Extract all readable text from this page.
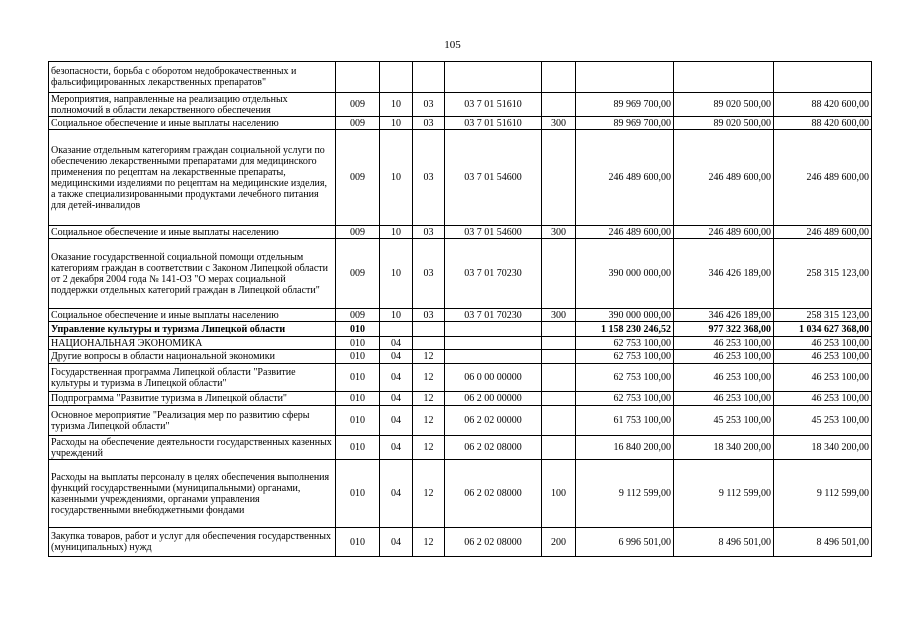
105
безопасности, борьба с оборотом недоброкачественных и фальсифицированных лекарственных препаратов"								
Мероприятия, направленные на реализацию отдельных полномочий в области лекарственного обеспечения	009	10	03	03 7 01 51610		89 969 700,00	89 020 500,00	88 420 600,00
Социальное обеспечение и иные выплаты населению	009	10	03	03 7 01 51610	300	89 969 700,00	89 020 500,00	88 420 600,00
Оказание отдельным категориям граждан социальной услуги по обеспечению лекарственными препаратами для медицинского применения по рецептам на лекарственные препараты, медицинскими изделиями по рецептам на медицинские изделия, а также специализированными продуктами лечебного питания для детей-инвалидов	009	10	03	03 7 01 54600		246 489 600,00	246 489 600,00	246 489 600,00
Социальное обеспечение и иные выплаты населению	009	10	03	03 7 01 54600	300	246 489 600,00	246 489 600,00	246 489 600,00
Оказание государственной социальной помощи отдельным категориям граждан в соответствии с Законом Липецкой области от 2 декабря 2004 года № 141-ОЗ "О мерах социальной поддержки отдельных категорий граждан в Липецкой области"	009	10	03	03 7 01 70230		390 000 000,00	346 426 189,00	258 315 123,00
Социальное обеспечение и иные выплаты населению	009	10	03	03 7 01 70230	300	390 000 000,00	346 426 189,00	258 315 123,00
Управление культуры и туризма Липецкой области	010					1 158 230 246,52	977 322 368,00	1 034 627 368,00
НАЦИОНАЛЬНАЯ ЭКОНОМИКА	010	04				62 753 100,00	46 253 100,00	46 253 100,00
Другие вопросы в области национальной экономики	010	04	12			62 753 100,00	46 253 100,00	46 253 100,00
Государственная программа Липецкой области "Развитие культуры и туризма в Липецкой области"	010	04	12	06 0 00 00000		62 753 100,00	46 253 100,00	46 253 100,00
Подпрограмма "Развитие туризма в Липецкой области"	010	04	12	06 2 00 00000		62 753 100,00	46 253 100,00	46 253 100,00
Основное мероприятие "Реализация мер по развитию сферы туризма Липецкой области"	010	04	12	06 2 02 00000		61 753 100,00	45 253 100,00	45 253 100,00
Расходы на обеспечение деятельности государственных казенных учреждений	010	04	12	06 2 02 08000		16 840 200,00	18 340 200,00	18 340 200,00
Расходы на выплаты персоналу в целях обеспечения выполнения функций государственными (муниципальными) органами, казенными учреждениями, органами управления государственными внебюджетными фондами	010	04	12	06 2 02 08000	100	9 112 599,00	9 112 599,00	9 112 599,00
Закупка товаров, работ и услуг для обеспечения государственных (муниципальных) нужд	010	04	12	06 2 02 08000	200	6 996 501,00	8 496 501,00	8 496 501,00
